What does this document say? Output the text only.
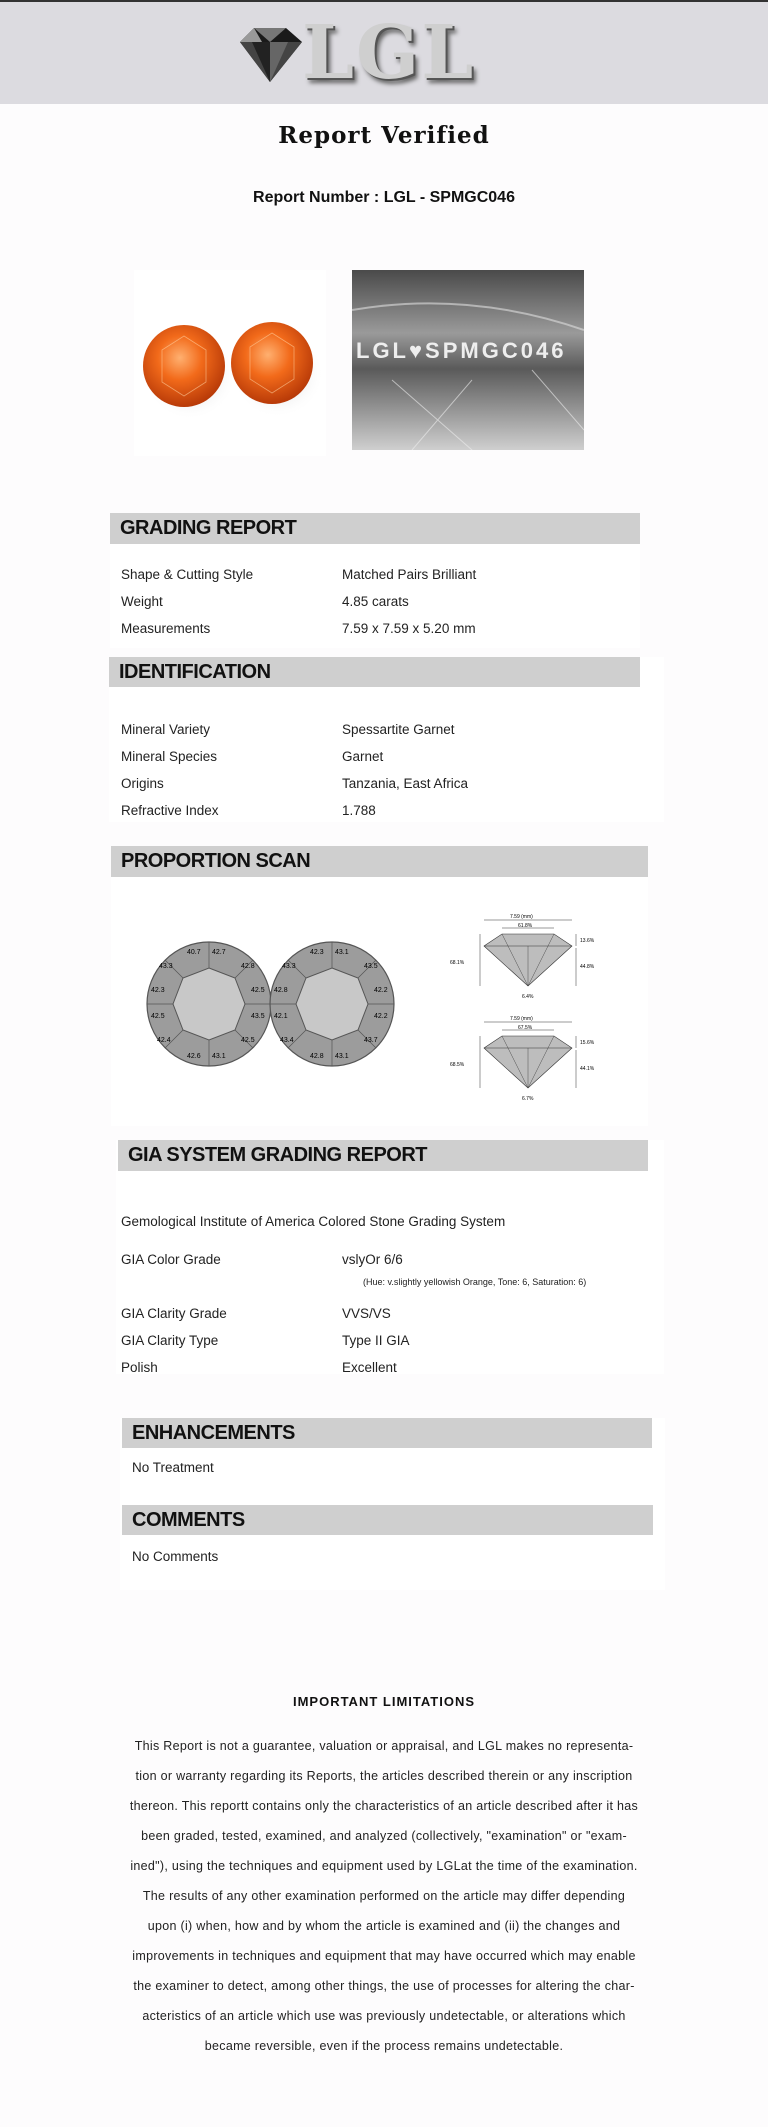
LGL
Report Verified
Report Number : LGL - SPMGC046
LGL♥SPMGC046
GRADING REPORT
Shape & Cutting Style	Matched Pairs Brilliant
Weight	4.85 carats
Measurements	7.59 x 7.59 x 5.20 mm
IDENTIFICATION
Mineral Variety	Spessartite Garnet
Mineral Species	Garnet
Origins	Tanzania, East Africa
Refractive Index	1.788
PROPORTION SCAN
40.7 42.7
42.8
42.5
43.5
42.5
43.1
42.6
42.4
42.5
42.3
43.3
42.3 43.1
43.5
42.2
42.2
43.7
43.1
42.8
43.4
42.1
42.8
43.3
7.59 (mm)
61.8%
13.6%
68.1%
44.8%
6.4%
7.59 (mm)
67.5%
15.6%
68.5%
44.1%
6.7%
GIA SYSTEM GRADING REPORT
Gemological Institute of America Colored Stone Grading System
GIA Color Grade	vslyOr 6/6
(Hue: v.slightly yellowish Orange, Tone: 6, Saturation: 6)
GIA Clarity Grade	VVS/VS
GIA Clarity Type	Type II GIA
Polish	Excellent
ENHANCEMENTS
No Treatment
COMMENTS
No Comments
IMPORTANT LIMITATIONS
This Report is not a guarantee, valuation or appraisal, and LGL makes no representa-
tion or warranty regarding its Reports, the articles described therein or any inscription
thereon. This reportt contains only the characteristics of an article described after it has
been graded, tested, examined, and analyzed (collectively, "examination" or "exam-
ined"), using the techniques and equipment used by LGLat the time of the examination.
The results of any other examination performed on the article may differ depending
upon (i) when, how and by whom the article is examined and (ii) the changes and
improvements in techniques and equipment that may have occurred which may enable
the examiner to detect, among other things, the use of processes for altering the char-
acteristics of an article which use was previously undetectable, or alterations which
became reversible, even if the process remains undetectable.
